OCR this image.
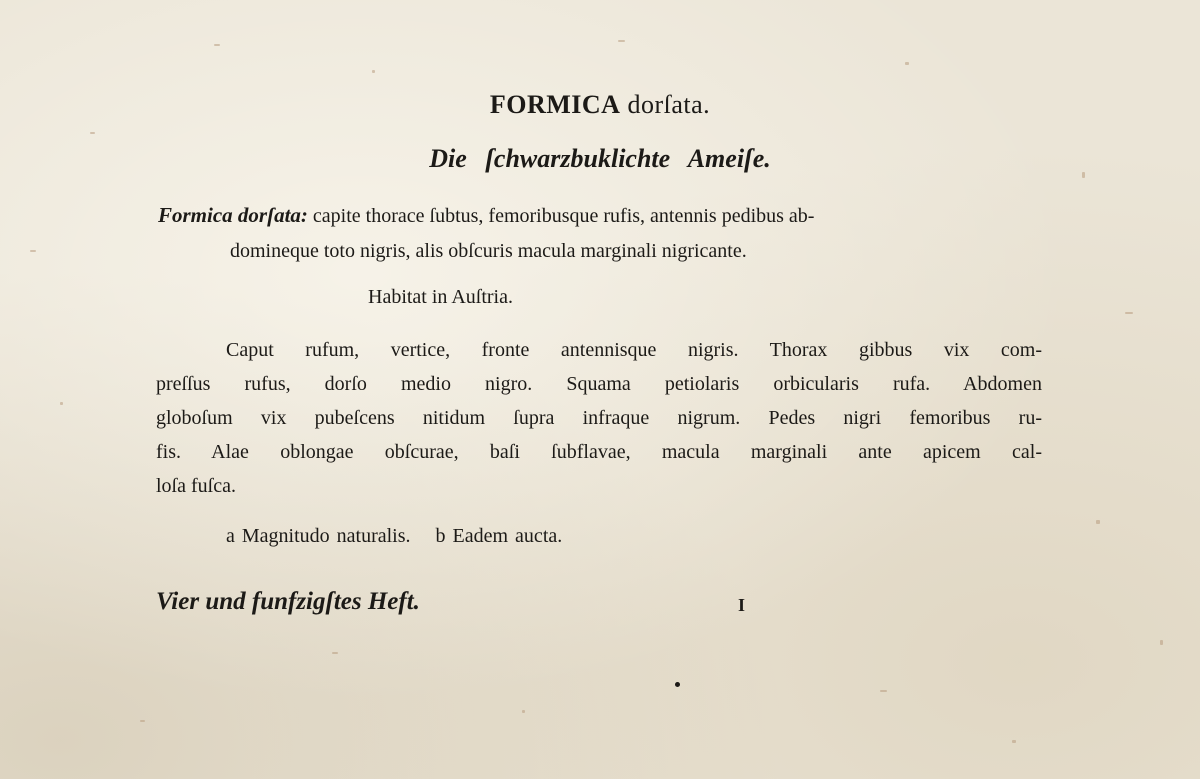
FORMICA dorſata.
Die ſchwarzbuklichte Ameiſe.
Formica dorſata: capite thorace ſubtus, femoribusque rufis, antennis pedibus ab-
domineque toto nigris, alis obſcuris macula marginali nigricante.
Habitat in Auſtria.
Caput rufum, vertice, fronte antennisque nigris. Thorax gibbus vix com-
preſſus rufus, dorſo medio nigro. Squama petiolaris orbicularis rufa. Abdomen
globoſum vix pubeſcens nitidum ſupra infraque nigrum. Pedes nigri femoribus ru-
fis. Alae oblongae obſcurae, baſi ſubflavae, macula marginali ante apicem cal-
loſa fuſca.
a Magnitudo naturalis. b Eadem aucta.
Vier und funfzigſtes Heft.	I
